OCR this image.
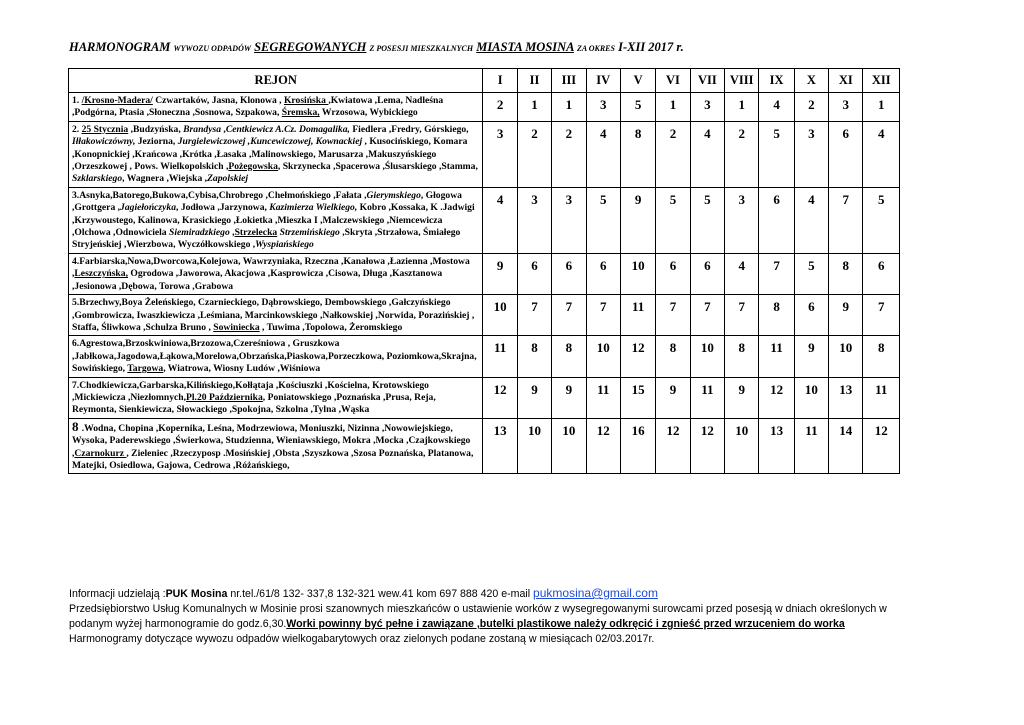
HARMONOGRAM WYWOZU ODPADÓW SEGREGOWANYCH Z POSESJI MIESZKALNYCH MIASTA MOSINA ZA OKRES I-XII 2017 r.
REJON	I	II	III	IV	V	VI	VII	VIII	IX	X	XI	XII
1. /Krosno-Madera/ Czwartaków, Jasna, Klonowa , Krosińska ,Kwiatowa ,Lema, Nadleśna ,Podgórna, Ptasia ,Słoneczna ,Sosnowa, Szpakowa, Śremska, Wrzosowa, Wybickiego	2	1	1	3	5	1	3	1	4	2	3	1
2. 25 Stycznia ,Budzyńska, Brandysa ,Centkiewicz A.Cz. Domagalika, Fiedlera ,Fredry, Górskiego, Iłłakowiczówny, Jeziorna, Jurgielewiczowej ,Kuncewiczowej, Kownackiej , Kusocińskiego, Komara ,Konopnickiej ,Krańcowa ,Krótka ,Łasaka ,Malinowskiego, Marusarza ,Makuszyńskiego ,Orzeszkowej , Pows. Wielkopolskich ,Pożegowska, Skrzynecka ,Spacerowa ,Ślusarskiego ,Stamma, Szklarskiego, Wagnera ,Wiejska ,Zapolskiej	3	2	2	4	8	2	4	2	5	3	6	4
3.Asnyka,Batorego,Bukowa,Cybisa,Chrobrego ,Chełmońskiego ,Fałata ,Gierymskiego, Głogowa ,Grottgera ,Jagiełończyka, Jodłowa ,Jarzynowa, Kazimierza Wielkiego, Kobro ,Kossaka, K .Jadwigi ,Krzywoustego, Kalinowa, Krasickiego ,Łokietka ,Mieszka I ,Malczewskiego ,Niemcewicza ,Olchowa ,Odnowiciela Siemiradzkiego ,Strzelecka Strzemińskiego ,Skryta ,Strzałowa, Śmiałego Stryjeńskiej ,Wierzbowa, Wyczółkowskiego ,Wyspiańskiego	4	3	3	5	9	5	5	3	6	4	7	5
4.Farbiarska,Nowa,Dworcowa,Kolejowa, Wawrzyniaka, Rzeczna ,Kanałowa ,Łazienna ,Mostowa ,Leszczyńska, Ogrodowa ,Jaworowa, Akacjowa ,Kasprowicza ,Cisowa, Długa ,Kasztanowa ,Jesionowa ,Dębowa, Torowa ,Grabowa	9	6	6	6	10	6	6	4	7	5	8	6
5.Brzechwy,Boya Żeleńskiego, Czarnieckiego, Dąbrowskiego, Dembowskiego ,Gałczyńskiego ,Gombrowicza, Iwaszkiewicza ,Leśmiana, Marcinkowskiego ,Nałkowskiej ,Norwida, Porazińskiej , Staffa, Śliwkowa ,Schulza Bruno , Sowiniecka , Tuwima ,Topolowa, Żeromskiego	10	7	7	7	11	7	7	7	8	6	9	7
6.Agrestowa,Brzoskwiniowa,Brzozowa,Czereśniowa , Gruszkowa ,Jabłkowa,Jagodowa,Łąkowa,Morelowa,Obrzańska,Piaskowa,Porzeczkowa, Poziomkowa,Skrajna, Sowińskiego, Targowa, Wiatrowa, Wiosny Ludów ,Wiśniowa	11	8	8	10	12	8	10	8	11	9	10	8
7.Chodkiewicza,Garbarska,Kilińskiego,Kołłątaja ,Kościuszki ,Kościelna, Krotowskiego ,Mickiewicza ,Niezłomnych,Pl.20 Października, Poniatowskiego ,Poznańska ,Prusa, Reja, Reymonta, Sienkiewicza, Słowackiego ,Spokojna, Szkolna ,Tylna ,Wąska	12	9	9	11	15	9	11	9	12	10	13	11
8 .Wodna, Chopina ,Kopernika, Leśna, Modrzewiowa, Moniuszki, Nizinna ,Nowowiejskiego, Wysoka, Paderewskiego ,Świerkowa, Studzienna, Wieniawskiego, Mokra ,Mocka ,Czajkowskiego ,Czarnokurz , Zieleniec ,Rzeczyposp .Mosińskiej ,Obsta ,Szyszkowa ,Szosa Poznańska, Platanowa, Matejki, Osiedlowa, Gajowa, Cedrowa ,Różańskiego,	13	10	10	12	16	12	12	10	13	11	14	12
Informacji udzielają :PUK Mosina nr.tel./61/8 132- 337,8 132-321 wew.41 kom 697 888 420 e-mail pukmosina@gmail.com
Przedsiębiorstwo Usług Komunalnych w Mosinie prosi szanownych mieszkańców o ustawienie worków z wysegregowanymi surowcami przed posesją w dniach określonych w
podanym wyżej harmonogramie do godz.6,30.Worki powinny być pełne i zawiązane ,butelki plastikowe należy odkręcić i zgnieść przed wrzuceniem do worka
Harmonogramy dotyczące wywozu odpadów wielkogabarytowych oraz zielonych podane zostaną w miesiącach 02/03.2017r.
